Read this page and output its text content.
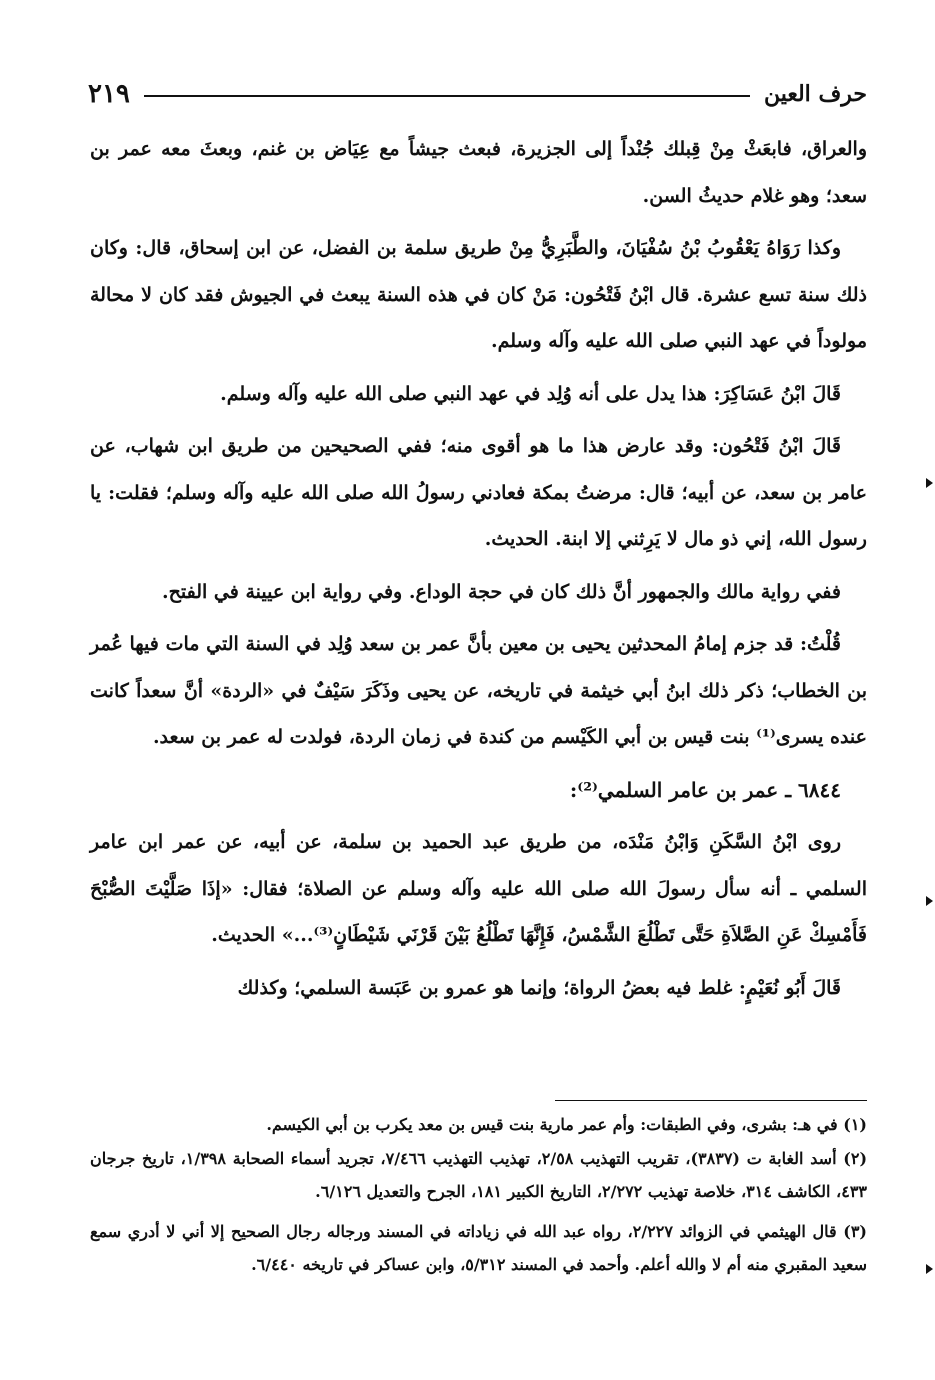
حرف العين
٢١٩

والعراق، فابعَثْ مِنْ قِبلك جُنْداً إلى الجزيرة، فبعث جيشاً مع عِيَاض بن غنم، وبعثَ معه عمر بن سعد؛ وهو غلام حديثُ السن.

وكذا رَوَاهُ يَعْقُوبُ بْنُ سُفْيَانَ، والطَّبَرِيُّ مِنْ طريق سلمة بن الفضل، عن ابن إسحاق، قال: وكان ذلك سنة تسع عشرة. قال ابْنُ فَتْحُون: مَنْ كان في هذه السنة يبعث في الجيوش فقد كان لا محالة مولوداً في عهد النبي صلى الله عليه وآله وسلم.

قَالَ ابْنُ عَسَاكِرَ: هذا يدل على أنه وُلِد في عهد النبي صلى الله عليه وآله وسلم.

قَالَ ابْنُ فَتْحُون: وقد عارض هذا ما هو أقوى منه؛ ففي الصحيحين من طريق ابن شهاب، عن عامر بن سعد، عن أبيه؛ قال: مرضتُ بمكة فعادني رسولُ الله صلى الله عليه وآله وسلم؛ فقلت: يا رسول الله، إني ذو مال لا يَرِثني إلا ابنة. الحديث.

ففي رواية مالك والجمهور أنَّ ذلك كان في حجة الوداع. وفي رواية ابن عيينة في الفتح.

قُلْتُ: قد جزم إمامُ المحدثين يحيى بن معين بأنَّ عمر بن سعد وُلِد في السنة التي مات فيها عُمر بن الخطاب؛ ذكر ذلك ابنُ أبي خيثمة في تاريخه، عن يحيى وذَكَرَ سَيْفٌ في «الردة» أنَّ سعداً كانت عنده يسرى⁽¹⁾ بنت قيس بن أبي الكَيْسم من كندة في زمان الردة، فولدت له عمر بن سعد.

٦٨٤٤ ـ عمر بن عامر السلمي⁽²⁾:

روى ابْنُ السَّكَنِ وَابْنُ مَنْدَه، من طريق عبد الحميد بن سلمة، عن أبيه، عن عمر ابن عامر السلمي ـ أنه سأل رسولَ الله صلى الله عليه وآله وسلم عن الصلاة؛ فقال: «إذَا صَلَّيْتَ الصُّبْحَ فَأَمْسِكْ عَنِ الصَّلاَةِ حَتَّى تَطْلُعَ الشَّمْسُ، فَإِنَّهَا تَطْلُعُ بَيْنَ قَرْنَي شَيْطَانٍ⁽³⁾...» الحديث.

قَالَ أَبُو نُعَيْمٍ: غلط فيه بعضُ الرواة؛ وإنما هو عمرو بن عَبَسة السلمي؛ وكذلك

(١) في هـ: بشرى، وفي الطبقات: وأم عمر مارية بنت قيس بن معد يكرب بن أبي الكيسم.

(٢) أسد الغابة ت (٣٨٣٧)، تقريب التهذيب ٢/٥٨، تهذيب التهذيب ٧/٤٦٦، تجريد أسماء الصحابة ١/٣٩٨، تاريخ جرجان ٤٣٣، الكاشف ٣١٤، خلاصة تهذيب ٢/٢٧٢، التاريخ الكبير ١٨١، الجرح والتعديل ٦/١٢٦.

(٣) قال الهيثمي في الزوائد ٢/٢٢٧، رواه عبد الله في زياداته في المسند ورجاله رجال الصحيح إلا أني لا أدري سمع سعيد المقبري منه أم لا والله أعلم. وأحمد في المسند ٥/٣١٢، وابن عساكر في تاريخه ٦/٤٤٠.
